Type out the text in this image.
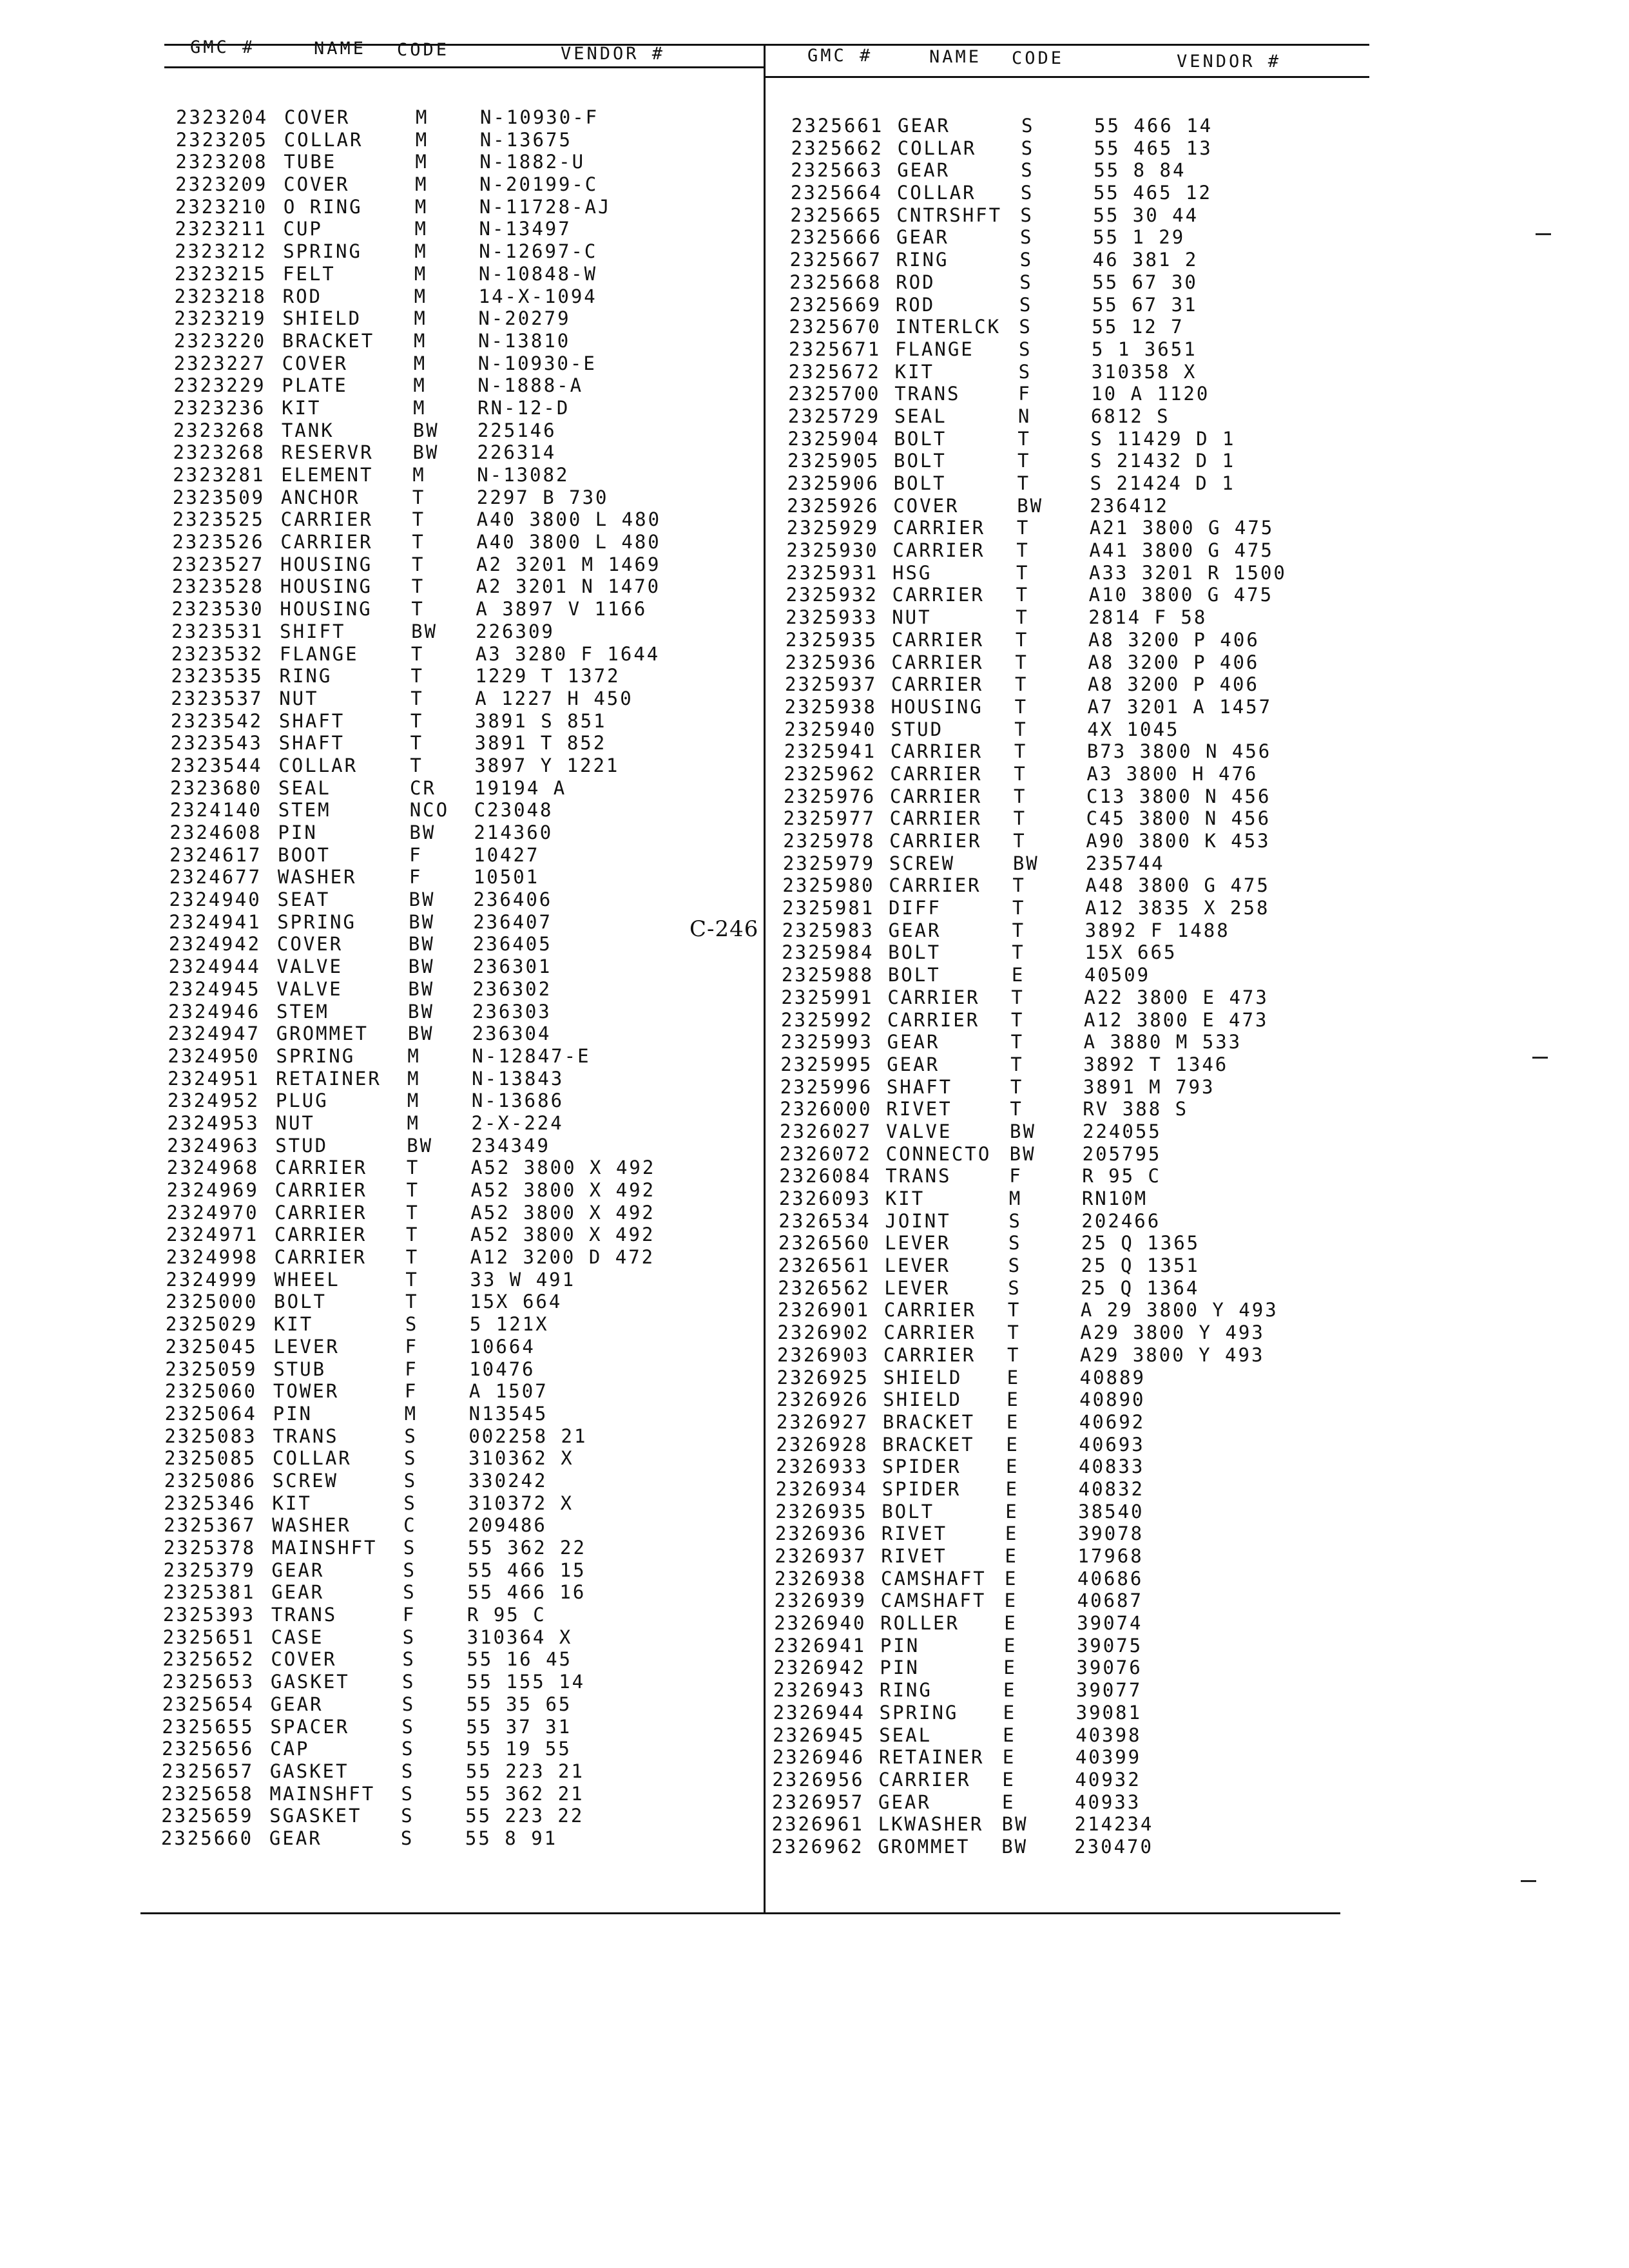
GMC #	NAME CODE	VENDOR #	GMC #	NAME CODE	VENDOR #
2323204 COVER	M	N-10930-F
2323205 COLLAR	M	N-13675
2323208 TUBE	M	N-1882-U
2323209 COVER	M	N-20199-C
2323210 O RING	M	N-11728-AJ
2323211 CUP	M	N-13497
2323212 SPRING	M	N-12697-C
2323215 FELT	M	N-10848-W
2323218 ROD	M	14-X-1094
2323219 SHIELD	M	N-20279
2323220 BRACKET M	N-13810
2323227 COVER	M	N-10930-E
2323229 PLATE	M	N-1888-A
2323236 KIT	M	RN-12-D
2323268 TANK	BW 225146
2323268 RESERVR BW 226314
2323281 ELEMENT M	N-13082
2323509 ANCHOR	T	2297 B 730
2323525 CARRIER T	A40 3800 L 480
2323526 CARRIER T	A40 3800 L 480
2323527 HOUSING T	A2 3201 M 1469
2323528 HOUSING T	A2 3201 N 1470
2323530 HOUSING T	A 3897 V 1166
2323531 SHIFT	BW 226309
2323532 FLANGE	T	A3 3280 F 1644
2323535 RING	T	1229 T 1372
2323537 NUT	T	A 1227 H 450
2323542 SHAFT	T	3891 S 851
2323543 SHAFT	T	3891 T 852
2323544 COLLAR	T	3897 Y 1221
2323680 SEAL	CR 19194 A
2324140 STEM	NCO C23048
2324608 PIN	BW 214360
2324617 BOOT	F	10427
2324677 WASHER	F	10501
2324940 SEAT	BW 236406
2324941 SPRING	BW 236407
2324942 COVER	BW 236405
2324944 VALVE	BW 236301
2324945 VALVE	BW 236302
2324946 STEM	BW 236303
2324947 GROMMET BW 236304
2324950 SPRING	M	N-12847-E
2324951 RETAINER M	N-13843
2324952 PLUG	M	N-13686
2324953 NUT	M	2-X-224
2324963 STUD	BW 234349
2324968 CARRIER T	A52 3800 X 492
2324969 CARRIER T	A52 3800 X 492
2324970 CARRIER T	A52 3800 X 492
2324971 CARRIER T	A52 3800 X 492
2324998 CARRIER T	A12 3200 D 472
2324999 WHEEL	T	33 W 491
2325000 BOLT	T	15X 664
2325029 KIT	S	5 121X
2325045 LEVER	F	10664
2325059 STUB	F	10476
2325060 TOWER	F	A 1507
2325064 PIN	M	N13545
2325083 TRANS	S	002258 21
2325085 COLLAR	S	310362 X
2325086 SCREW	S	330242
2325346 KIT	S	310372 X
2325367 WASHER	C	209486
2325378 MAINSHFT S	55 362 22
2325379 GEAR	S	55 466 15
2325381 GEAR	S	55 466 16
2325393 TRANS	F	R 95 C
2325651 CASE	S	310364 X
2325652 COVER	S	55 16 45
2325653 GASKET	S	55 155 14
2325654 GEAR	S	55 35 65
2325655 SPACER	S	55 37 31
2325656 CAP	S	55 19 55
2325657 GASKET	S	55 223 21
2325658 MAINSHFT S	55 362 21
2325659 SGASKET S	55 223 22
2325660 GEAR	S	55 8 91
2325661 GEAR	S	55 466 14
2325662 COLLAR S	55 465 13
2325663 GEAR	S	55 8 84
2325664 COLLAR S	55 465 12
2325665 CNTRSHFT S	55 30 44
2325666 GEAR	S	55 1 29
2325667 RING	S	46 381 2
2325668 ROD	S	55 67 30
2325669 ROD	S	55 67 31
2325670 INTERLCK S	55 12 7
2325671 FLANGE S	5 1 3651
2325672 KIT	S	310358 X
2325700 TRANS	F	10 A 1120
2325729 SEAL	N	6812 S
2325904 BOLT	T	S 11429 D 1
2325905 BOLT	T	S 21432 D 1
2325906 BOLT	T	S 21424 D 1
2325926 COVER	BW 236412
2325929 CARRIER T	A21 3800 G 475
2325930 CARRIER T	A41 3800 G 475
2325931 HSG	T	A33 3201 R 1500
2325932 CARRIER T	A10 3800 G 475
2325933 NUT	T	2814 F 58
2325935 CARRIER T	A8 3200 P 406
2325936 CARRIER T	A8 3200 P 406
2325937 CARRIER T	A8 3200 P 406
2325938 HOUSING T	A7 3201 A 1457
2325940 STUD	T	4X 1045
2325941 CARRIER T	B73 3800 N 456
2325962 CARRIER T	A3 3800 H 476
2325976 CARRIER T	C13 3800 N 456
2325977 CARRIER T	C45 3800 N 456
2325978 CARRIER T	A90 3800 K 453
2325979 SCREW	BW 235744
2325980 CARRIER T	A48 3800 G 475
2325981 DIFF	T	A12 3835 X 258
2325983 GEAR	T	3892 F 1488
2325984 BOLT	T	15X 665
2325988 BOLT	E	40509
2325991 CARRIER T	A22 3800 E 473
2325992 CARRIER T	A12 3800 E 473
2325993 GEAR	T	A 3880 M 533
2325995 GEAR	T	3892 T 1346
2325996 SHAFT	T	3891 M 793
2326000 RIVET	T	RV 388 S
2326027 VALVE	BW 224055
2326072 CONNECTO BW 205795
2326084 TRANS	F	R 95 C
2326093 KIT	M	RN10M
2326534 JOINT	S	202466
2326560 LEVER	S	25 Q 1365
2326561 LEVER	S	25 Q 1351
2326562 LEVER	S	25 Q 1364
2326901 CARRIER T	A 29 3800 Y 493
2326902 CARRIER T	A29 3800 Y 493
2326903 CARRIER T	A29 3800 Y 493
2326925 SHIELD E	40889
2326926 SHIELD E	40890
2326927 BRACKET E	40692
2326928 BRACKET E	40693
2326933 SPIDER E	40833
2326934 SPIDER E	40832
2326935 BOLT	E	38540
2326936 RIVET	E	39078
2326937 RIVET	E	17968
2326938 CAMSHAFT E	40686
2326939 CAMSHAFT E	40687
2326940 ROLLER E	39074
2326941 PIN	E	39075
2326942 PIN	E	39076
2326943 RING	E	39077
2326944 SPRING E	39081
2326945 SEAL	E	40398
2326946 RETAINER E	40399
2326956 CARRIER E	40932
2326957 GEAR	E	40933
2326961 LKWASHER BW 214234
2326962 GROMMET BW 230470
C-246
